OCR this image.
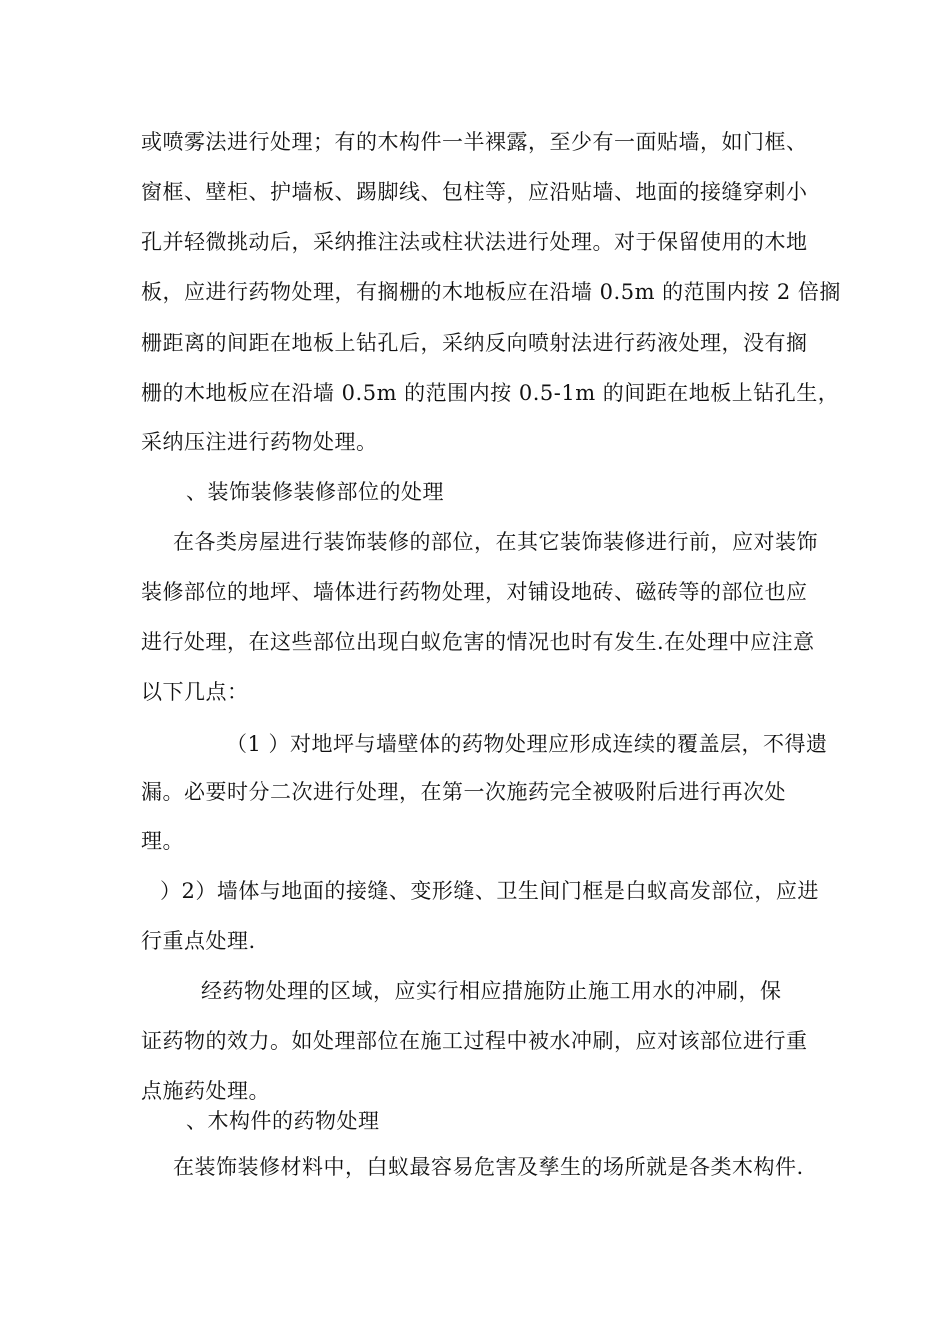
或喷雾法进行处理；有的木构件一半裸露，至少有一面贴墙，如门框、
窗框、壁柜、护墙板、踢脚线、包柱等，应沿贴墙、地面的接缝穿刺小
孔并轻微挑动后，采纳推注法或柱状法进行处理。对于保留使用的木地
板，应进行药物处理，有搁栅的木地板应在沿墙 0.5m 的范围内按 2 倍搁
栅距离的间距在地板上钻孔后，采纳反向喷射法进行药液处理，没有搁
栅的木地板应在沿墙 0.5m 的范围内按 0.5-1m 的间距在地板上钻孔生，
采纳压注进行药物处理。
、装饰装修装修部位的处理
在各类房屋进行装饰装修的部位，在其它装饰装修进行前，应对装饰
装修部位的地坪、墙体进行药物处理，对铺设地砖、磁砖等的部位也应
进行处理，在这些部位出现白蚁危害的情况也时有发生.在处理中应注意
以下几点：
（1 ）对地坪与墙壁体的药物处理应形成连续的覆盖层，不得遗
漏。必要时分二次进行处理，在第一次施药完全被吸附后进行再次处
理。
）2）墙体与地面的接缝、变形缝、卫生间门框是白蚁高发部位，应进
行重点处理.
经药物处理的区域，应实行相应措施防止施工用水的冲刷，保
证药物的效力。如处理部位在施工过程中被水冲刷，应对该部位进行重
点施药处理。
、木构件的药物处理
在装饰装修材料中，白蚁最容易危害及孳生的场所就是各类木构件.
